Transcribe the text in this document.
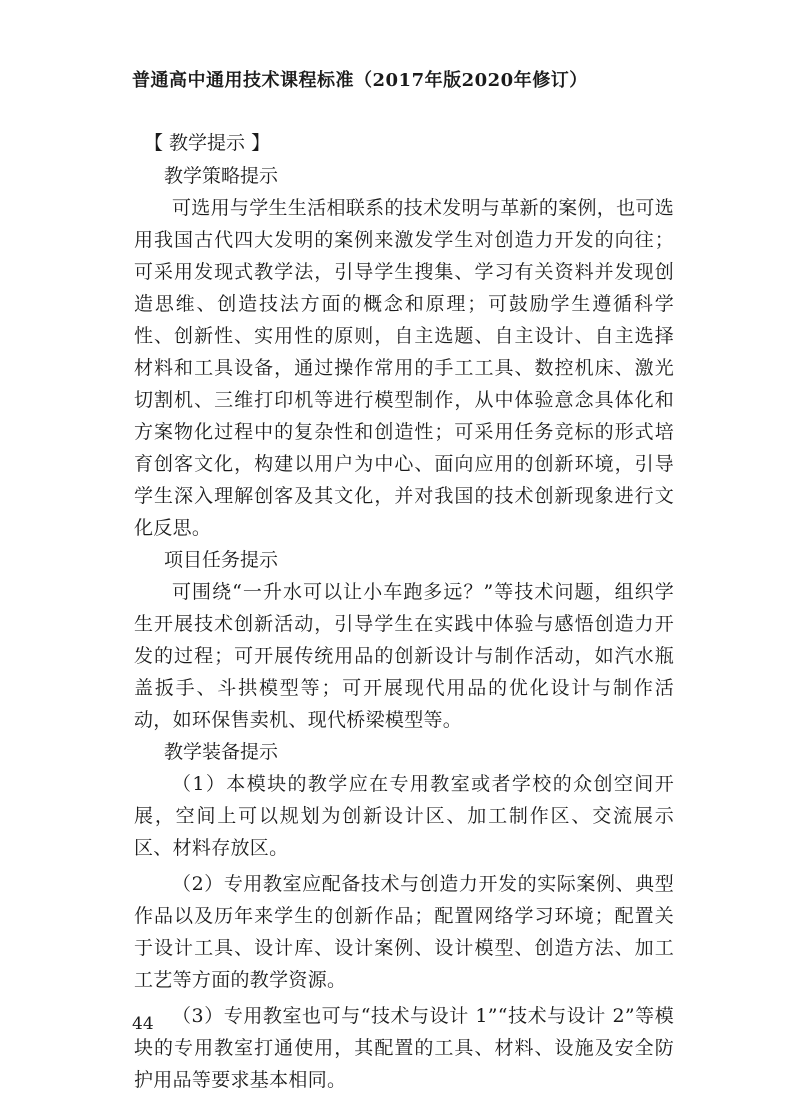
普通高中通用技术课程标准（2017年版2020年修订）
【 教学提示 】
教学策略提示

可选用与学生生活相联系的技术发明与革新的案例，也可选用我国古代四大发明的案例来激发学生对创造力开发的向往；可采用发现式教学法，引导学生搜集、学习有关资料并发现创造思维、创造技法方面的概念和原理；可鼓励学生遵循科学性、创新性、实用性的原则，自主选题、自主设计、自主选择材料和工具设备，通过操作常用的手工工具、数控机床、激光切割机、三维打印机等进行模型制作，从中体验意念具体化和方案物化过程中的复杂性和创造性；可采用任务竞标的形式培育创客文化，构建以用户为中心、面向应用的创新环境，引导学生深入理解创客及其文化，并对我国的技术创新现象进行文化反思。

项目任务提示

可围绕“一升水可以让小车跑多远？”等技术问题，组织学生开展技术创新活动，引导学生在实践中体验与感悟创造力开发的过程；可开展传统用品的创新设计与制作活动，如汽水瓶盖扳手、斗拱模型等；可开展现代用品的优化设计与制作活动，如环保售卖机、现代桥梁模型等。

教学装备提示

（1）本模块的教学应在专用教室或者学校的众创空间开展，空间上可以规划为创新设计区、加工制作区、交流展示区、材料存放区。

（2）专用教室应配备技术与创造力开发的实际案例、典型作品以及历年来学生的创新作品；配置网络学习环境；配置关于设计工具、设计库、设计案例、设计模型、创造方法、加工工艺等方面的教学资源。

（3）专用教室也可与“技术与设计 1”“技术与设计 2”等模块的专用教室打通使用，其配置的工具、材料、设施及安全防护用品等要求基本相同。

44
